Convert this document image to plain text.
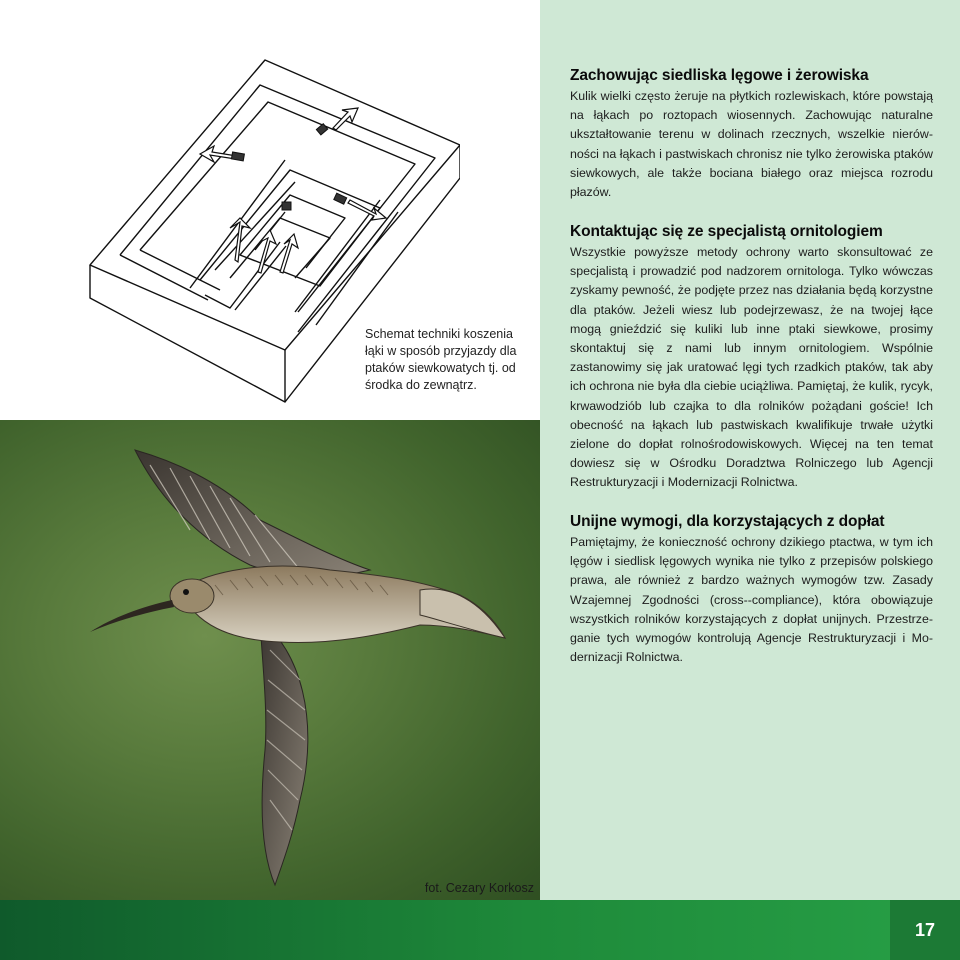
Schemat techniki koszenia łąki w sposób przyjazdy dla ptaków siewkowatych tj. od środka do zewnątrz.
fot. Cezary Korkosz
Zachowując siedliska lęgowe i żerowiska

Kulik wielki często żeruje na płytkich rozlewiskach, które powstają na łąkach po roztopach wiosennych. Zachowując naturalne ukształtowanie terenu w dolinach rzecznych, wszelkie nierówności na łąkach i pastwiskach chronisz nie tylko żerowiska ptaków siewkowych, ale także bociana białego oraz miejsca rozrodu płazów.

Kontaktując się ze specjalistą ornitologiem

Wszystkie powyższe metody ochrony warto skonsultować ze specjalistą i prowadzić pod nadzorem ornitologa. Tylko wówczas zyskamy pewność, że podjęte przez nas działania będą korzystne dla ptaków. Jeżeli wiesz lub podejrzewasz, że na twojej łące mogą gnieździć się kuliki lub inne ptaki siewkowe, prosimy skontaktuj się z nami lub innym ornitologiem. Wspólnie zastanowimy się jak uratować lęgi tych rzadkich ptaków, tak aby ich ochrona nie była dla ciebie uciążliwa. Pamiętaj, że kulik, rycyk, krwawodziób lub czajka to dla rolników pożądani goście! Ich obecność na łąkach lub pastwiskach kwalifikuje trwałe użytki zielone do dopłat rolnośrodowiskowych. Więcej na ten temat dowiesz się w Ośrodku Doradztwa Rolniczego lub Agencji Restrukturyzacji i Modernizacji Rolnictwa.

Unijne wymogi, dla korzystających z dopłat

Pamiętajmy, że konieczność ochrony dzikiego ptactwa, w tym ich lęgów i siedlisk lęgowych wynika nie tylko z przepisów polskiego prawa, ale również z bardzo ważnych wymogów tzw. Zasady Wzajemnej Zgodności (cross--compliance), która obowiązuje wszystkich rolników korzystających z dopłat unijnych. Przestrzeganie tych wymogów kontrolują Agencje Restrukturyzacji i Modernizacji Rolnictwa.

17
